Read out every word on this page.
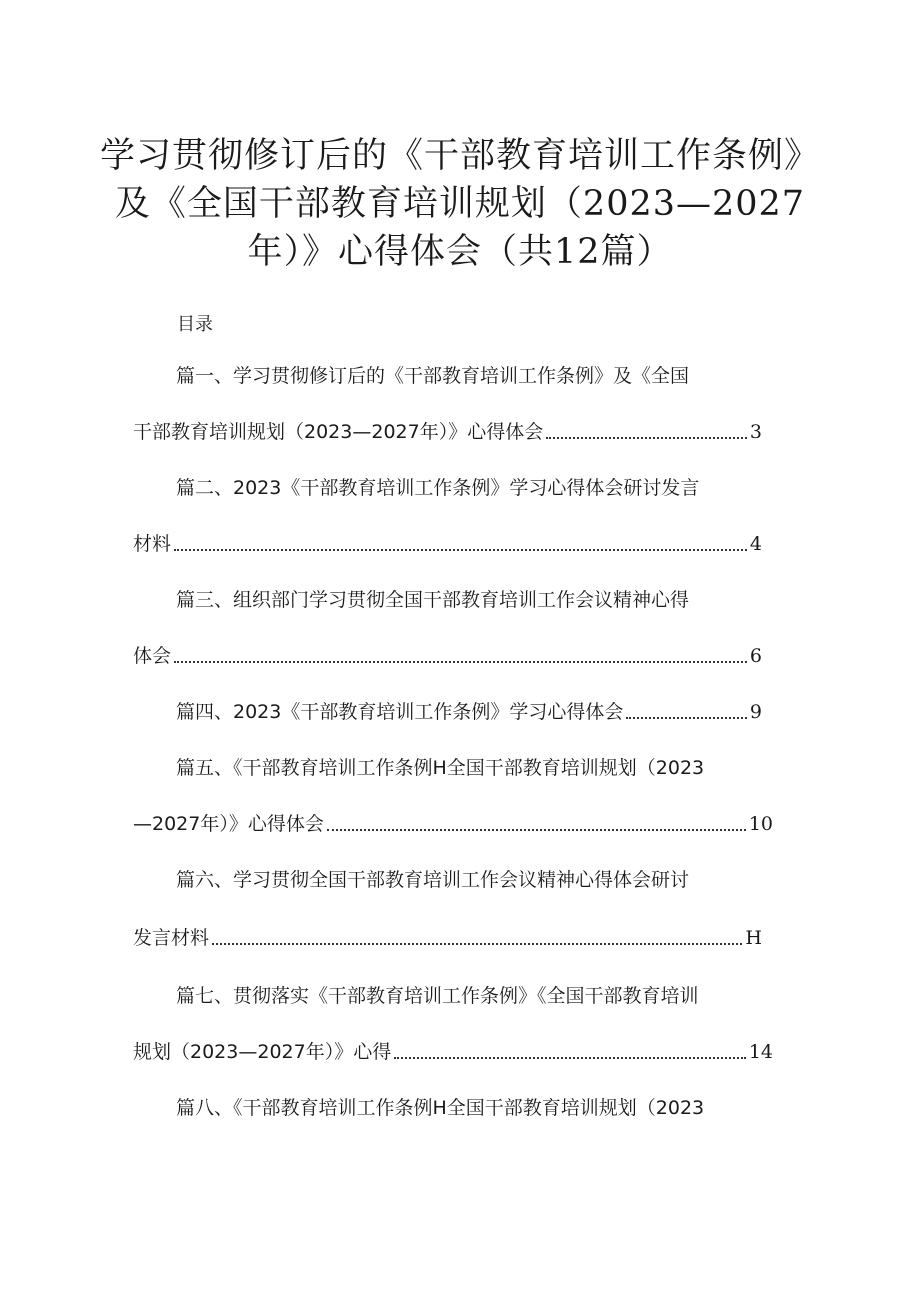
学习贯彻修订后的《干部教育培训工作条例》
及《全国干部教育培训规划（2023—2027
年）》心得体会（共12篇）
目录
篇一、学习贯彻修订后的《干部教育培训工作条例》及《全国
干部教育培训规划（2023—2027年）》心得体会	3
篇二、2023《干部教育培训工作条例》学习心得体会研讨发言
材料	4
篇三、组织部门学习贯彻全国干部教育培训工作会议精神心得
体会	6
篇四、2023《干部教育培训工作条例》学习心得体会	9
篇五、《干部教育培训工作条例H全国干部教育培训规划（2023
—2027年）》心得体会	10
篇六、学习贯彻全国干部教育培训工作会议精神心得体会研讨
发言材料	H
篇七、贯彻落实《干部教育培训工作条例》《全国干部教育培训
规划（2023—2027年）》心得	14
篇八、《干部教育培训工作条例H全国干部教育培训规划（2023
